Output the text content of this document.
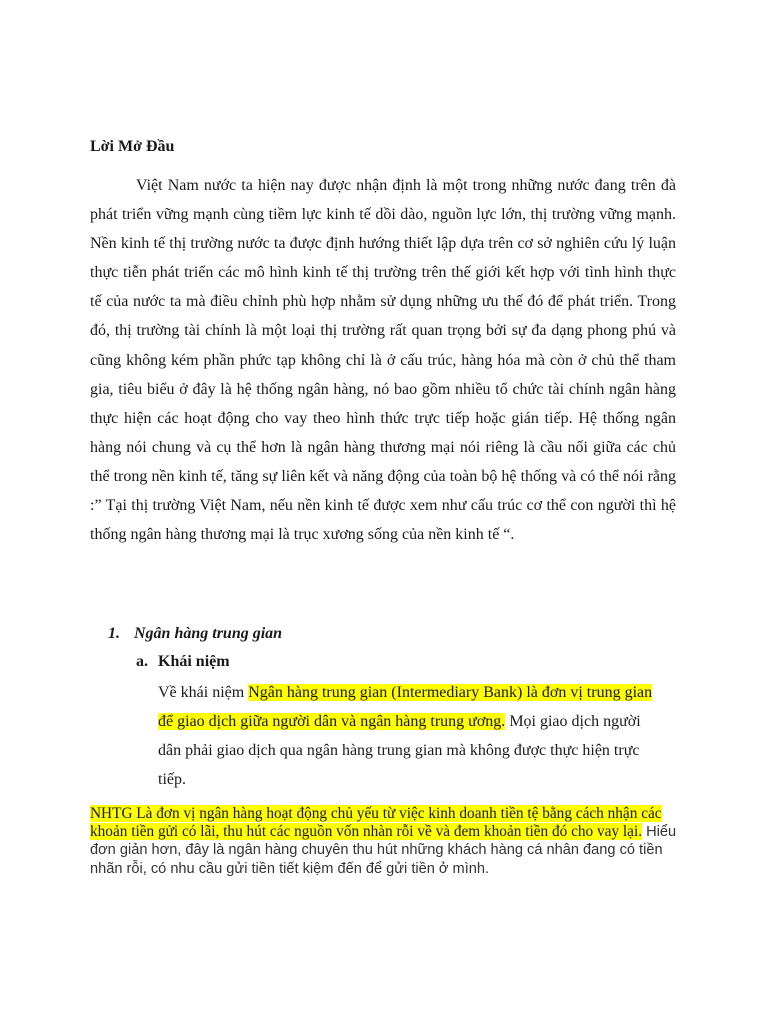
Lời Mở Đầu

Việt Nam nước ta hiện nay được nhận định là một trong những nước đang trên đà phát triển vững mạnh cùng tiềm lực kinh tế dồi dào, nguồn lực lớn, thị trường vững mạnh. Nền kinh tế thị trường nước ta được định hướng thiết lập dựa trên cơ sở nghiên cứu lý luận thực tiễn phát triển các mô hình kinh tế thị trường trên thế giới kết hợp với tình hình thực tế của nước ta mà điều chỉnh phù hợp nhằm sử dụng những ưu thế đó để phát triển. Trong đó, thị trường tài chính là một loại thị trường rất quan trọng bởi sự đa dạng phong phú và cũng không kém phần phức tạp không chỉ là ở cấu trúc, hàng hóa mà còn ở chủ thể tham gia, tiêu biểu ở đây là hệ thống ngân hàng, nó bao gồm nhiều tổ chức tài chính ngân hàng thực hiện các hoạt động cho vay theo hình thức trực tiếp hoặc gián tiếp. Hệ thống ngân hàng nói chung và cụ thể hơn là ngân hàng thương mại nói riêng là cầu nối giữa các chủ thể trong nền kinh tế, tăng sự liên kết và năng động của toàn bộ hệ thống và có thể nói rằng :” Tại thị trường Việt Nam, nếu nền kinh tế được xem như cấu trúc cơ thể con người thì hệ thống ngân hàng thương mại là trục xương sống của nền kinh tế “.

1. Ngân hàng trung gian
a. Khái niệm

Về khái niệm Ngân hàng trung gian (Intermediary Bank) là đơn vị trung gian để giao dịch giữa người dân và ngân hàng trung ương. Mọi giao dịch người dân phải giao dịch qua ngân hàng trung gian mà không được thực hiện trực tiếp.

NHTG Là đơn vị ngân hàng hoạt động chủ yếu từ việc kinh doanh tiền tệ bằng cách nhận các khoản tiền gửi có lãi, thu hút các nguồn vốn nhàn rỗi về và đem khoản tiền đó cho vay lại. Hiểu đơn giản hơn, đây là ngân hàng chuyên thu hút những khách hàng cá nhân đang có tiền nhãn rỗi, có nhu cầu gửi tiền tiết kiệm đến để gửi tiền ở mình.
